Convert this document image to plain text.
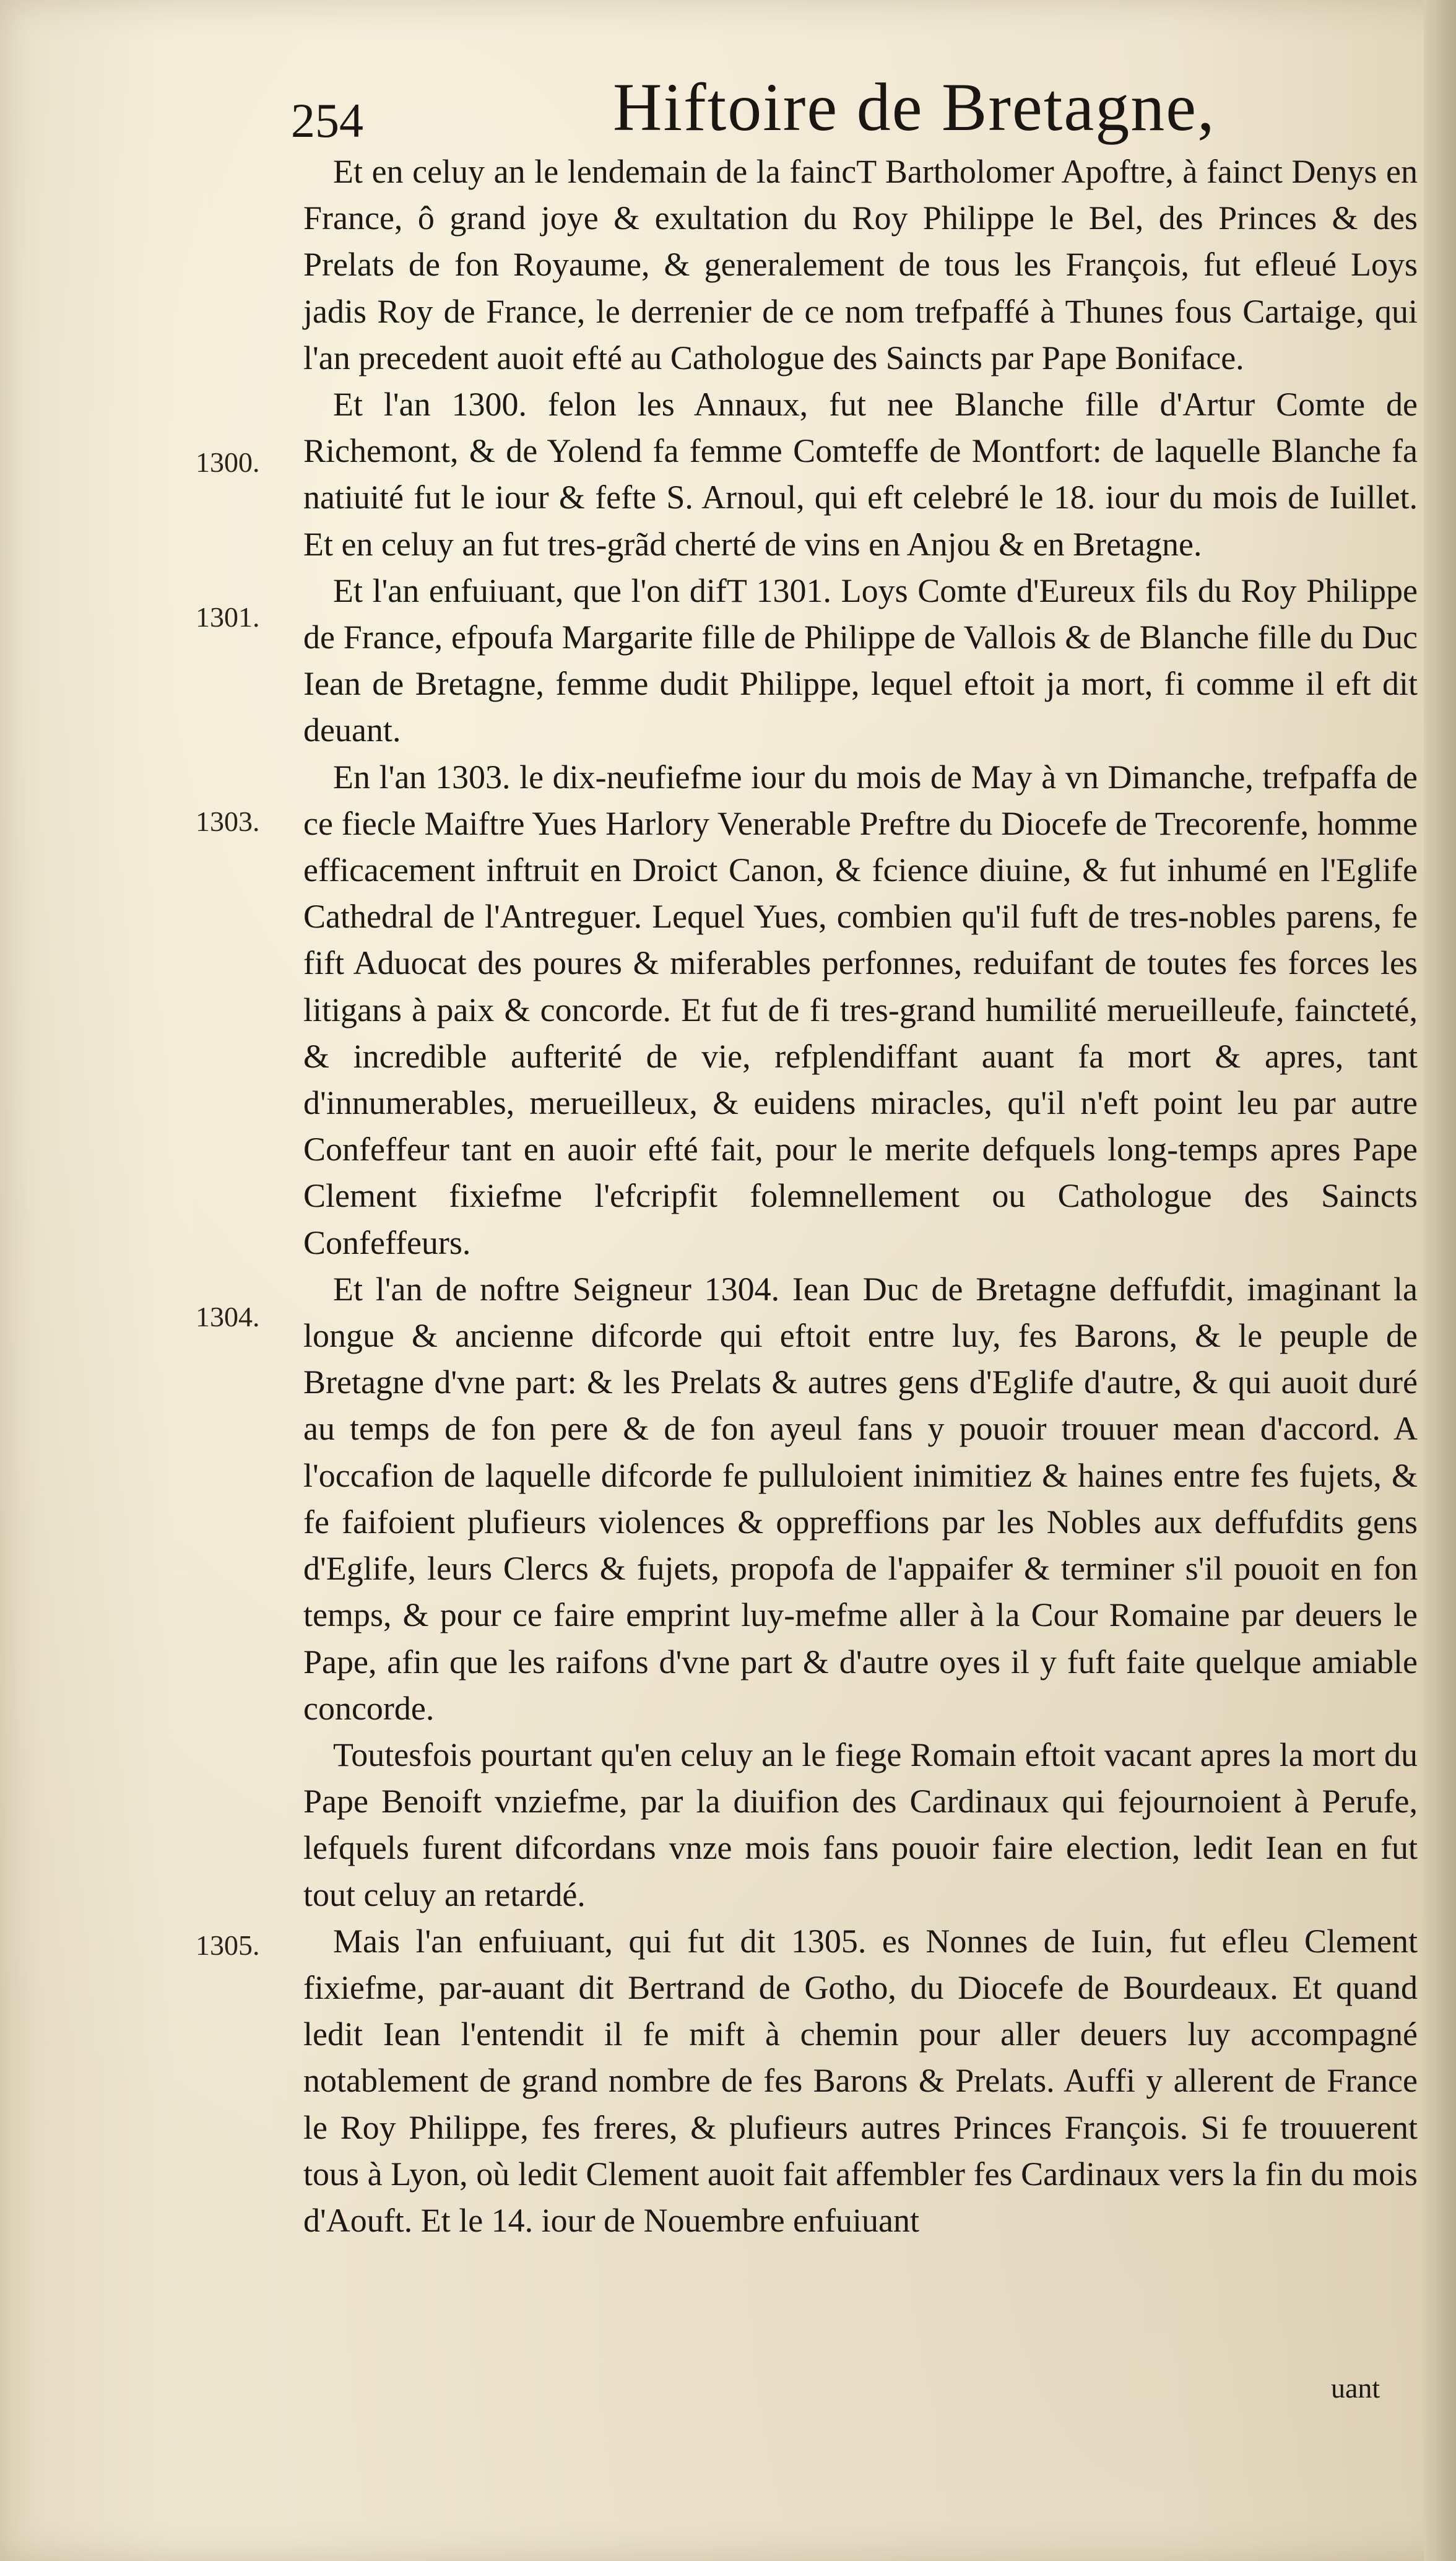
254	Hiftoire de Bretagne,
1300.
1301.
1303.
1304.
1305.

Et en celuy an le lendemain de la faincT Bartholomer Apoftre, à fainct Denys en France, ô grand joye & exultation du Roy Philippe le Bel, des Princes & des Prelats de fon Royaume, & generalement de tous les François, fut efleué Loys jadis Roy de France, le derrenier de ce nom trefpaffé à Thunes fous Cartaige, qui l'an precedent auoit efté au Cathologue des Saincts par Pape Boniface.

Et l'an 1300. felon les Annaux, fut nee Blanche fille d'Artur Comte de Richemont, & de Yolend fa femme Comteffe de Montfort: de laquelle Blanche fa natiuité fut le iour & fefte S. Arnoul, qui eft celebré le 18. iour du mois de Iuillet. Et en celuy an fut tres-grãd cherté de vins en Anjou & en Bretagne.

Et l'an enfuiuant, que l'on difT 1301. Loys Comte d'Eureux fils du Roy Philippe de France, efpoufa Margarite fille de Philippe de Vallois & de Blanche fille du Duc Iean de Bretagne, femme dudit Philippe, lequel eftoit ja mort, fi comme il eft dit deuant.

En l'an 1303. le dix-neufiefme iour du mois de May à vn Dimanche, trefpaffa de ce fiecle Maiftre Yues Harlory Venerable Preftre du Diocefe de Trecorenfe, homme efficacement inftruit en Droict Canon, & fcience diuine, & fut inhumé en l'Eglife Cathedral de l'Antreguer. Lequel Yues, combien qu'il fuft de tres-nobles parens, fe fift Aduocat des poures & miferables perfonnes, reduifant de toutes fes forces les litigans à paix & concorde. Et fut de fi tres-grand humilité merueilleufe, faincteté, & incredible aufterité de vie, refplendiffant auant fa mort & apres, tant d'innumerables, merueilleux, & euidens miracles, qu'il n'eft point leu par autre Confeffeur tant en auoir efté fait, pour le merite defquels long-temps apres Pape Clement fixiefme l'efcripfit folemnellement ou Cathologue des Saincts Confeffeurs.

Et l'an de noftre Seigneur 1304. Iean Duc de Bretagne deffufdit, imaginant la longue & ancienne difcorde qui eftoit entre luy, fes Barons, & le peuple de Bretagne d'vne part: & les Prelats & autres gens d'Eglife d'autre, & qui auoit duré au temps de fon pere & de fon ayeul fans y pouoir trouuer mean d'accord. A l'occafion de laquelle difcorde fe pulluloient inimitiez & haines entre fes fujets, & fe faifoient plufieurs violences & oppreffions par les Nobles aux deffufdits gens d'Eglife, leurs Clercs & fujets, propofa de l'appaifer & terminer s'il pouoit en fon temps, & pour ce faire emprint luy-mefme aller à la Cour Romaine par deuers le Pape, afin que les raifons d'vne part & d'autre oyes il y fuft faite quelque amiable concorde.

Toutesfois pourtant qu'en celuy an le fiege Romain eftoit vacant apres la mort du Pape Benoift vnziefme, par la diuifion des Cardinaux qui fejournoient à Perufe, lefquels furent difcordans vnze mois fans pouoir faire election, ledit Iean en fut tout celuy an retardé.

Mais l'an enfuiuant, qui fut dit 1305. es Nonnes de Iuin, fut efleu Clement fixiefme, par-auant dit Bertrand de Gotho, du Diocefe de Bourdeaux. Et quand ledit Iean l'entendit il fe mift à chemin pour aller deuers luy accompagné notablement de grand nombre de fes Barons & Prelats. Auffi y allerent de France le Roy Philippe, fes freres, & plufieurs autres Princes François. Si fe trouuerent tous à Lyon, où ledit Clement auoit fait affembler fes Cardinaux vers la fin du mois d'Aouft. Et le 14. iour de Nouembre enfuiuant

uant
